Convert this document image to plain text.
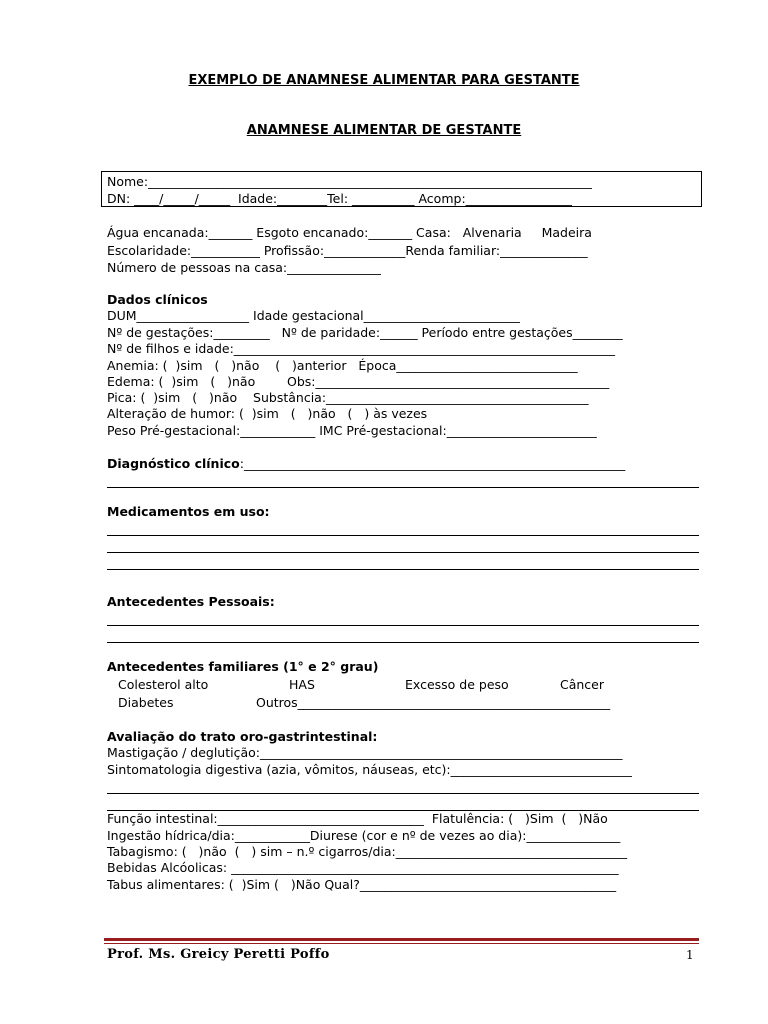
EXEMPLO DE ANAMNESE ALIMENTAR PARA GESTANTE
ANAMNESE ALIMENTAR DE GESTANTE
Nome:_______________________________________________________________________
DN: ____/_____/_____  Idade:________Tel: __________ Acomp:_________________
Água encanada:_______ Esgoto encanado:_______ Casa:   Alvenaria     Madeira
Escolaridade:___________ Profissão:_____________Renda familiar:______________
Número de pessoas na casa:_______________
Dados clínicos
DUM__________________ Idade gestacional_________________________
Nº de gestações:_________   Nº de paridade:______ Período entre gestações________
Nº de filhos e idade:_____________________________________________________________
Anemia: (  )sim   (   )não    (   )anterior   Época_____________________________
Edema: (  )sim   (   )não        Obs:_______________________________________________
Pica: (  )sim   (   )não    Substância:__________________________________________
Alteração de humor: (  )sim   (   )não   (   ) às vezes
Peso Pré-gestacional:____________ IMC Pré-gestacional:________________________
Diagnóstico clínico:_____________________________________________________________
Medicamentos em uso:
Antecedentes Pessoais:
Antecedentes familiares (1° e 2° grau)
Colesterol alto	HAS	Excesso de peso	Câncer
Diabetes	Outros__________________________________________________
Avaliação do trato oro-gastrintestinal:
Mastigação / deglutição:__________________________________________________________
Sintomatologia digestiva (azia, vômitos, náuseas, etc):_____________________________
Função intestinal:_________________________________  Flatulência: (   )Sim  (   )Não
Ingestão hídrica/dia:____________Diurese (cor e nº de vezes ao dia):_______________
Tabagismo: (   )não  (   ) sim – n.º cigarros/dia:_____________________________________
Bebidas Alcóolicas: ______________________________________________________________
Tabus alimentares: (  )Sim (   )Não Qual?_________________________________________
Prof. Ms. Greicy Peretti Poffo	1
